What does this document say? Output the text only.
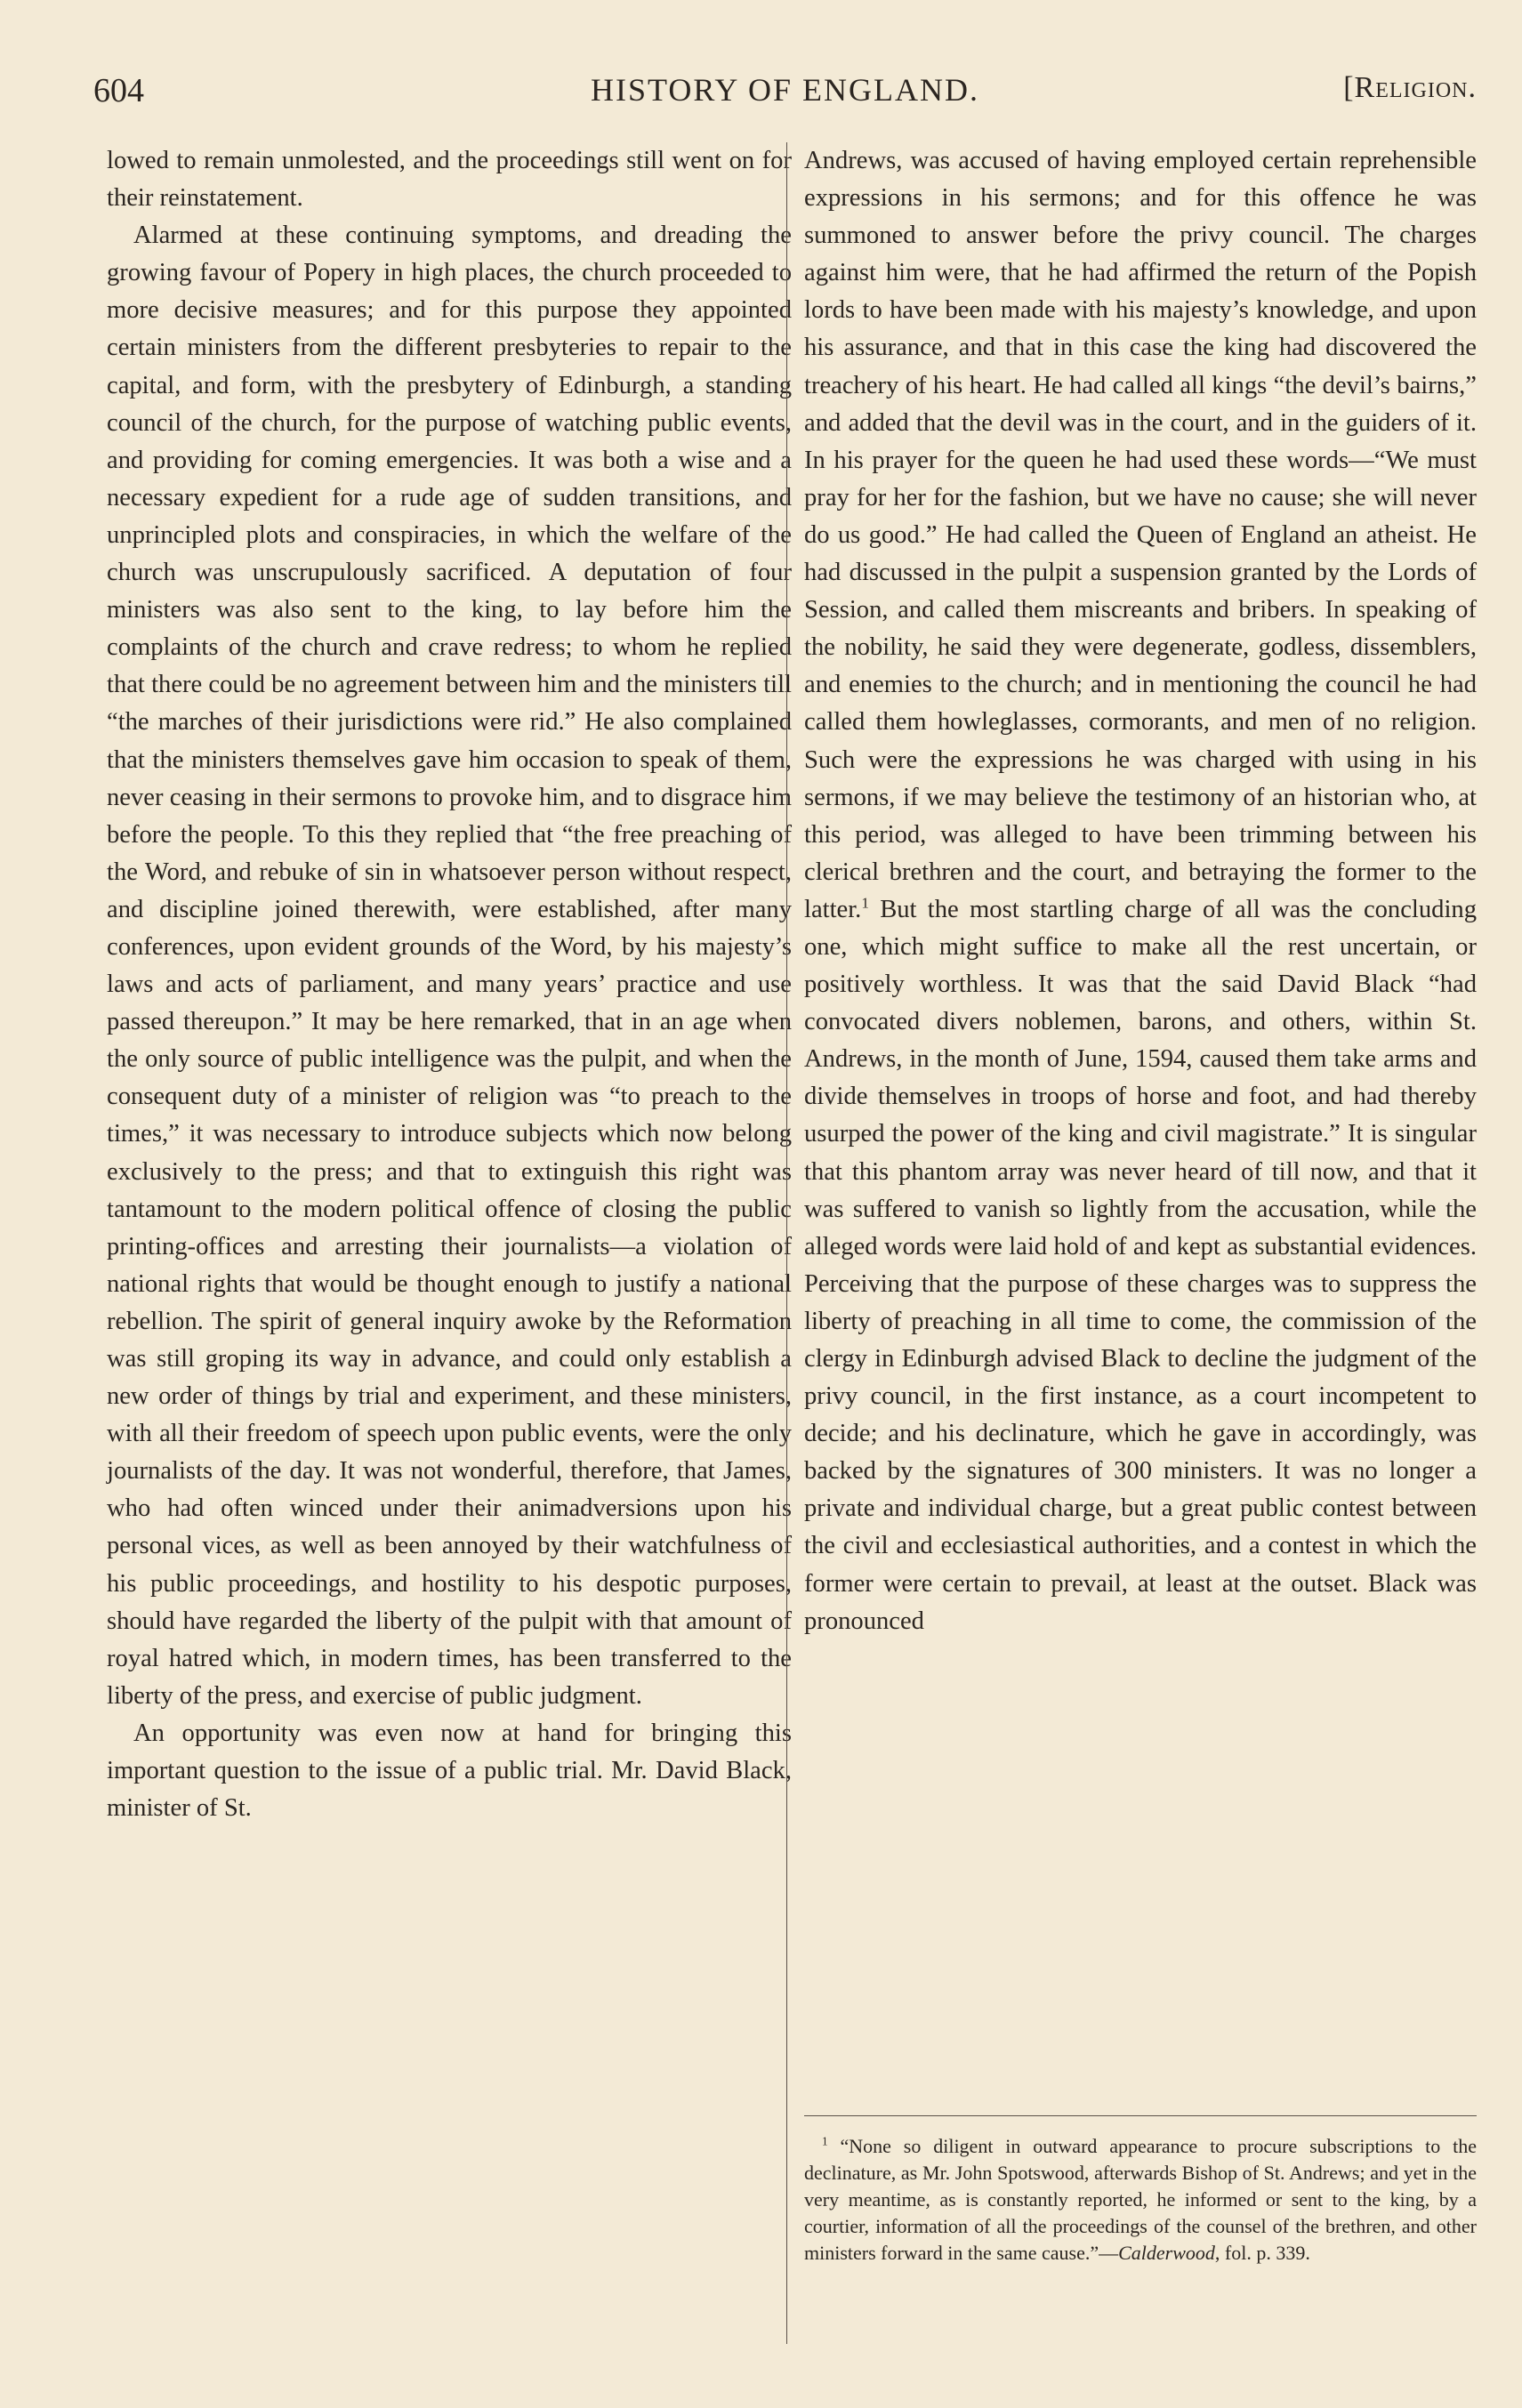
604	HISTORY OF ENGLAND.	[Religion.

lowed to remain unmolested, and the proceedings still went on for their reinstatement.

Alarmed at these continuing symptoms, and dreading the growing favour of Popery in high places, the church proceeded to more decisive measures; and for this purpose they appointed certain ministers from the different presbyteries to repair to the capital, and form, with the presbytery of Edinburgh, a standing council of the church, for the purpose of watching public events, and providing for coming emergencies. It was both a wise and a necessary expedient for a rude age of sudden transitions, and unprincipled plots and conspiracies, in which the welfare of the church was unscrupulously sacrificed. A deputation of four ministers was also sent to the king, to lay before him the complaints of the church and crave redress; to whom he replied that there could be no agreement between him and the ministers till “the marches of their jurisdictions were rid.” He also complained that the ministers themselves gave him occasion to speak of them, never ceasing in their sermons to provoke him, and to disgrace him before the people. To this they replied that “the free preaching of the Word, and rebuke of sin in whatsoever person without respect, and discipline joined therewith, were established, after many conferences, upon evident grounds of the Word, by his majesty’s laws and acts of parliament, and many years’ practice and use passed thereupon.” It may be here remarked, that in an age when the only source of public intelligence was the pulpit, and when the consequent duty of a minister of religion was “to preach to the times,” it was necessary to introduce subjects which now belong exclusively to the press; and that to extinguish this right was tantamount to the modern political offence of closing the public printing-offices and arresting their journalists—a violation of national rights that would be thought enough to justify a national rebellion. The spirit of general inquiry awoke by the Reformation was still groping its way in advance, and could only establish a new order of things by trial and experiment, and these ministers, with all their freedom of speech upon public events, were the only journalists of the day. It was not wonderful, therefore, that James, who had often winced under their animadversions upon his personal vices, as well as been annoyed by their watchfulness of his public proceedings, and hostility to his despotic purposes, should have regarded the liberty of the pulpit with that amount of royal hatred which, in modern times, has been transferred to the liberty of the press, and exercise of public judgment.

An opportunity was even now at hand for bringing this important question to the issue of a public trial. Mr. David Black, minister of St.

Andrews, was accused of having employed certain reprehensible expressions in his sermons; and for this offence he was summoned to answer before the privy council. The charges against him were, that he had affirmed the return of the Popish lords to have been made with his majesty’s knowledge, and upon his assurance, and that in this case the king had discovered the treachery of his heart. He had called all kings “the devil’s bairns,” and added that the devil was in the court, and in the guiders of it. In his prayer for the queen he had used these words—“We must pray for her for the fashion, but we have no cause; she will never do us good.” He had called the Queen of England an atheist. He had discussed in the pulpit a suspension granted by the Lords of Session, and called them miscreants and bribers. In speaking of the nobility, he said they were degenerate, godless, dissemblers, and enemies to the church; and in mentioning the council he had called them howleglasses, cormorants, and men of no religion. Such were the expressions he was charged with using in his sermons, if we may believe the testimony of an historian who, at this period, was alleged to have been trimming between his clerical brethren and the court, and betraying the former to the latter.$^1$ But the most startling charge of all was the concluding one, which might suffice to make all the rest uncertain, or positively worthless. It was that the said David Black “had convocated divers noblemen, barons, and others, within St. Andrews, in the month of June, 1594, caused them take arms and divide themselves in troops of horse and foot, and had thereby usurped the power of the king and civil magistrate.” It is singular that this phantom array was never heard of till now, and that it was suffered to vanish so lightly from the accusation, while the alleged words were laid hold of and kept as substantial evidences. Perceiving that the purpose of these charges was to suppress the liberty of preaching in all time to come, the commission of the clergy in Edinburgh advised Black to decline the judgment of the privy council, in the first instance, as a court incompetent to decide; and his declinature, which he gave in accordingly, was backed by the signatures of 300 ministers. It was no longer a private and individual charge, but a great public contest between the civil and ecclesiastical authorities, and a contest in which the former were certain to prevail, at least at the outset. Black was pronounced

$^1$ “None so diligent in outward appearance to procure subscriptions to the declinature, as Mr. John Spotswood, afterwards Bishop of St. Andrews; and yet in the very meantime, as is constantly reported, he informed or sent to the king, by a courtier, information of all the proceedings of the counsel of the brethren, and other ministers forward in the same cause.”—Calderwood, fol. p. 339.
